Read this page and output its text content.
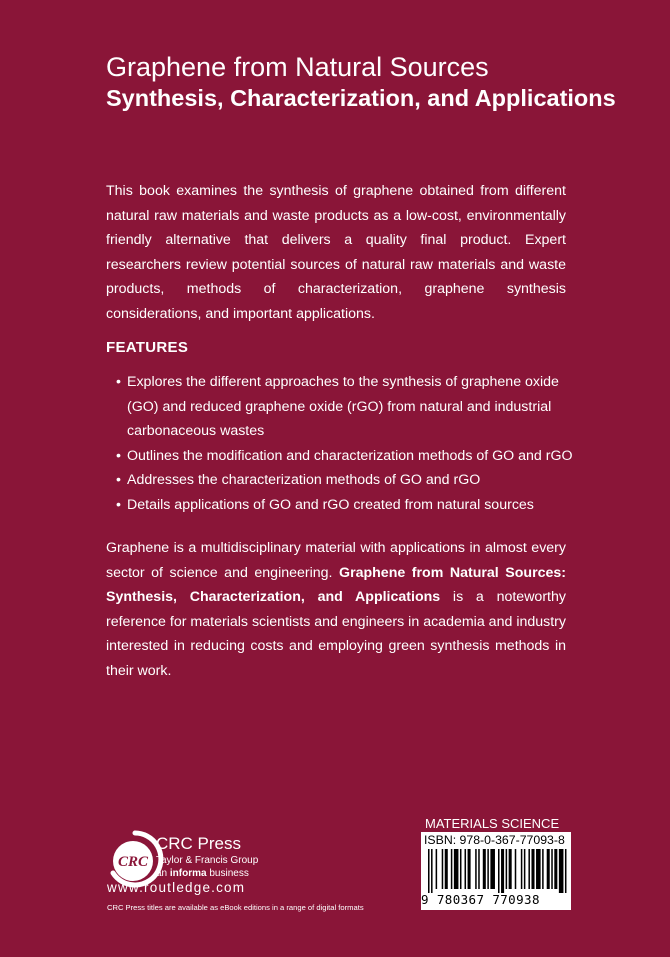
Graphene from Natural Sources
Synthesis, Characterization, and Applications

This book examines the synthesis of graphene obtained from different natural raw materials and waste products as a low-cost, environmentally friendly alternative that delivers a quality final product. Expert researchers review potential sources of natural raw materials and waste products, methods of characterization, graphene synthesis considerations, and important applications.

FEATURES
• Explores the different approaches to the synthesis of graphene oxide (GO) and reduced graphene oxide (rGO) from natural and industrial carbonaceous wastes
• Outlines the modification and characterization methods of GO and rGO
• Addresses the characterization methods of GO and rGO
• Details applications of GO and rGO created from natural sources

Graphene is a multidisciplinary material with applications in almost every sector of science and engineering. Graphene from Natural Sources: Synthesis, Characterization, and Applications is a noteworthy reference for materials scientists and engineers in academia and industry interested in reducing costs and employing green synthesis methods in their work.

CRC
CRC Press
Taylor & Francis Group
an informa business
www.routledge.com
CRC Press titles are available as eBook editions in a range of digital formats
MATERIALS SCIENCE
ISBN: 978-0-367-77093-8
9 780367 770938
